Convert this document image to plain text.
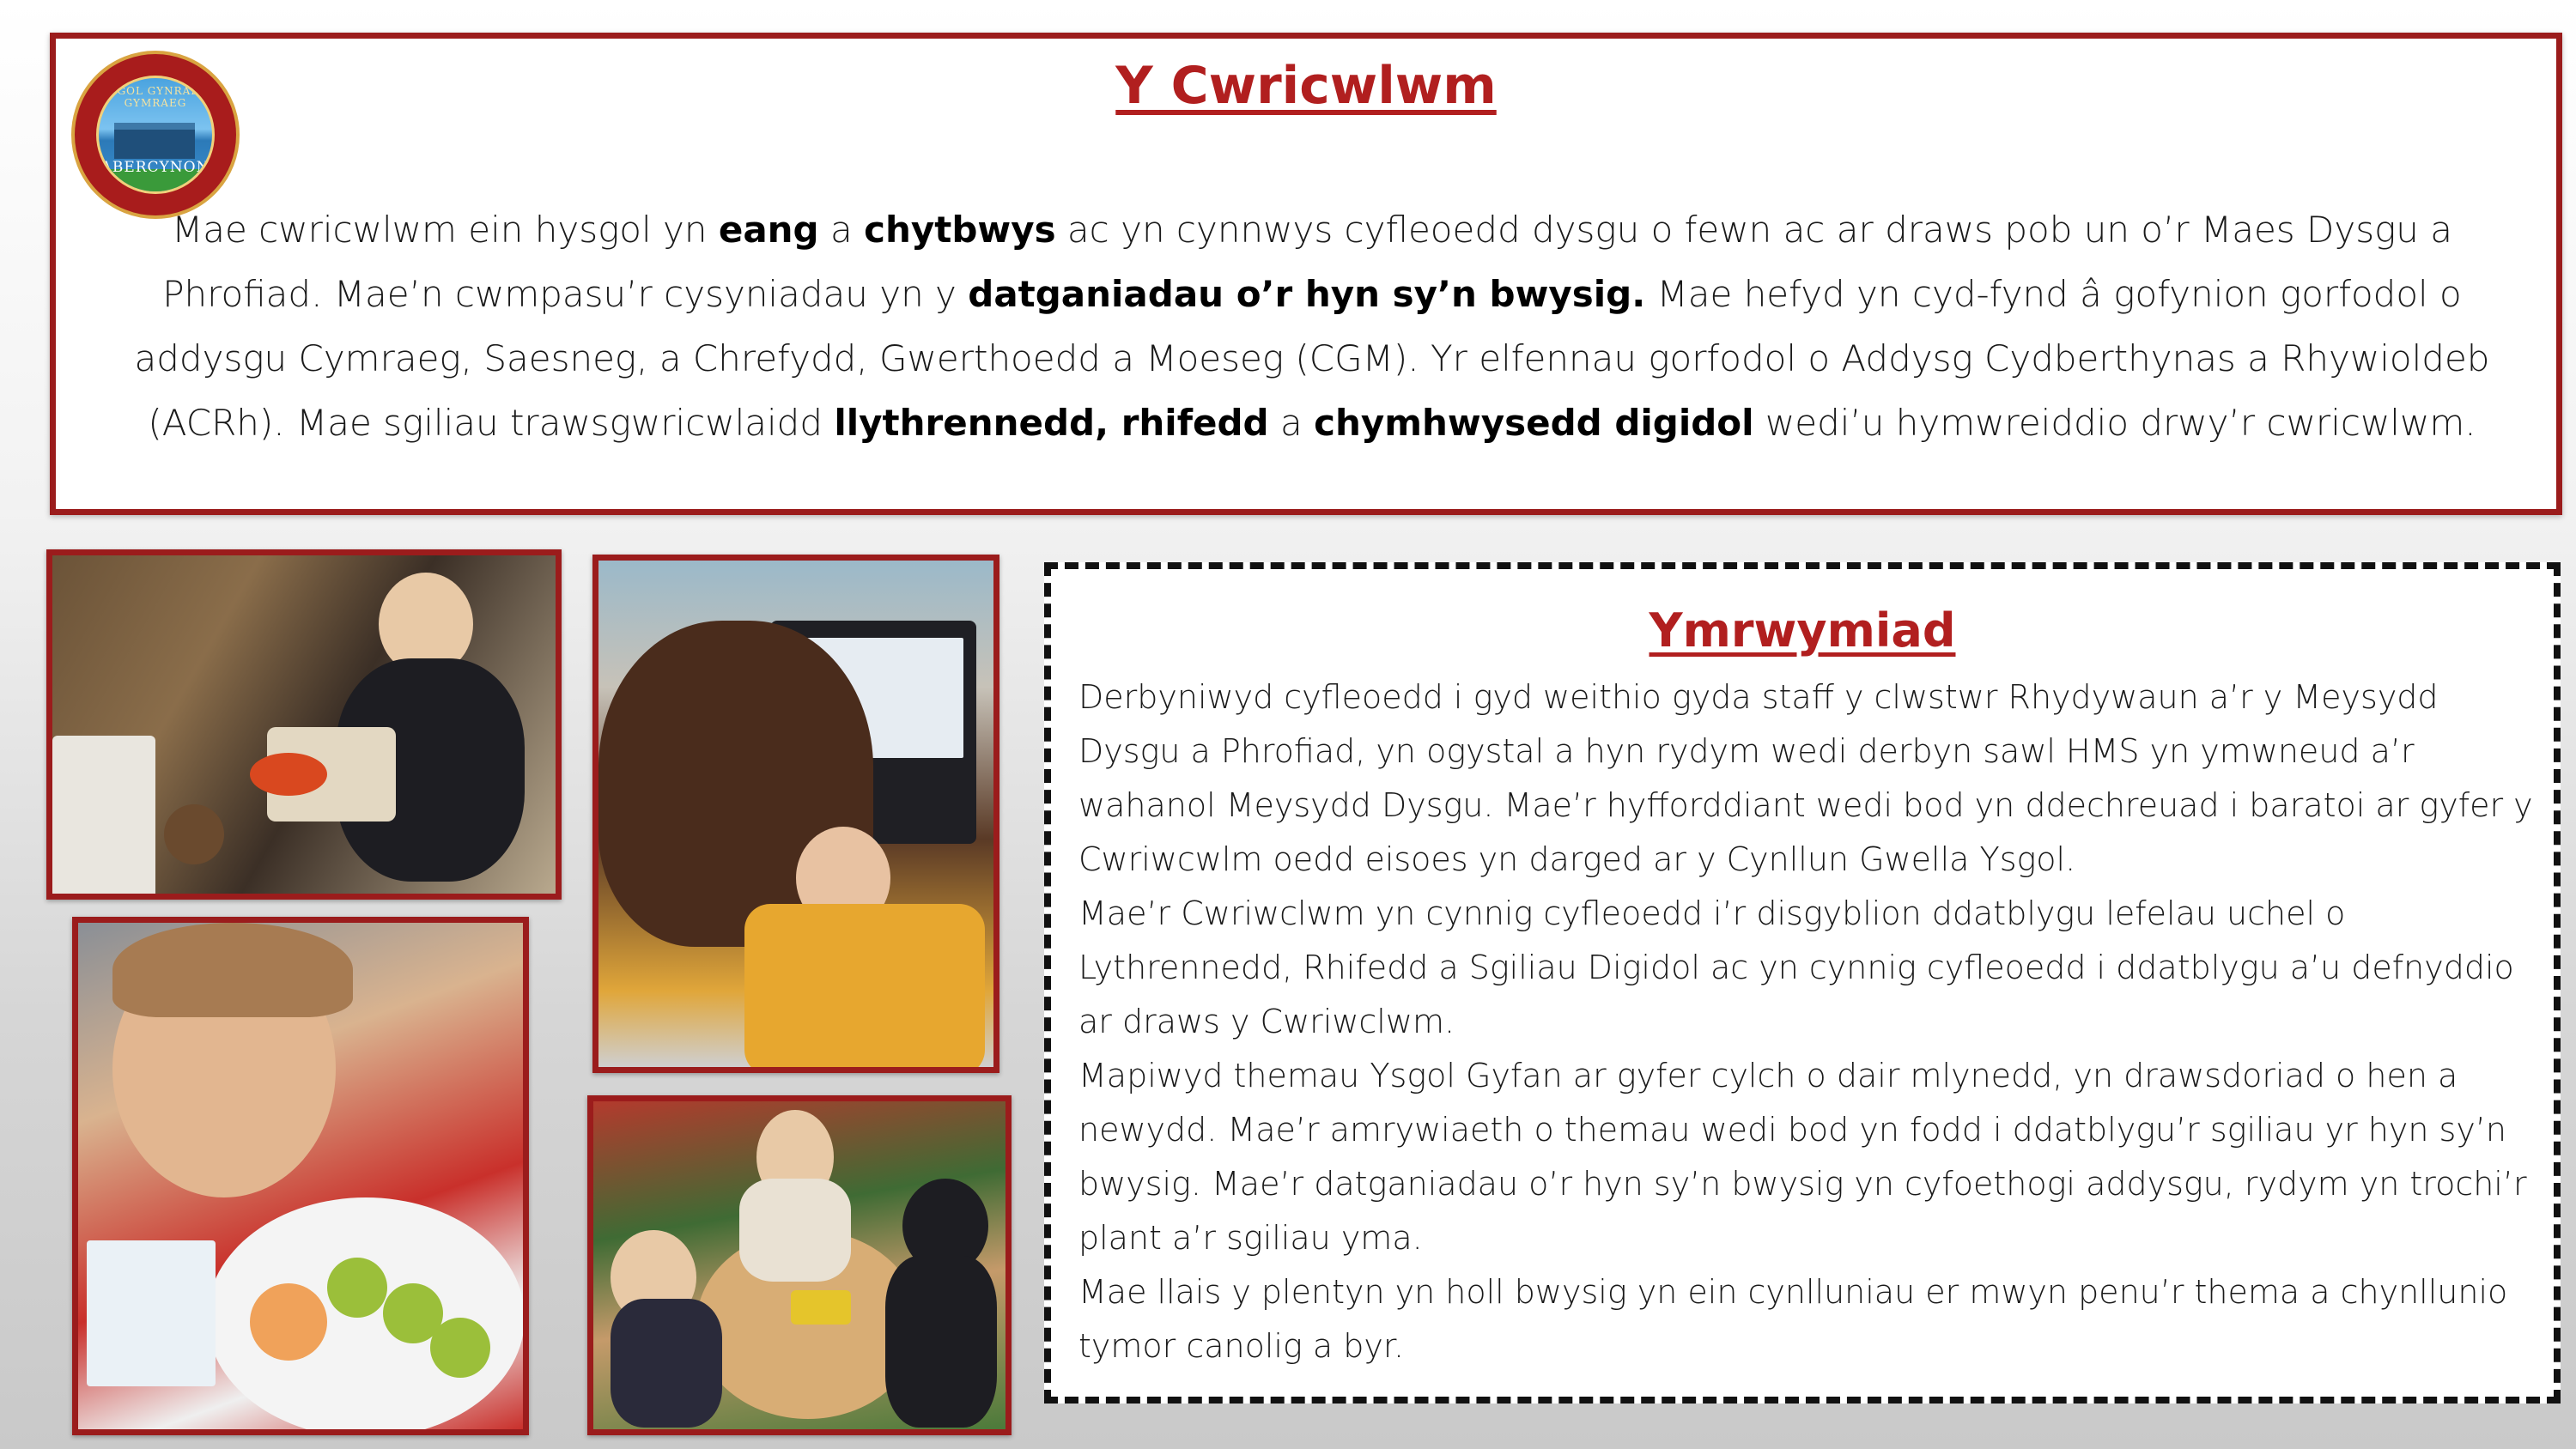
YSGOL GYNRADD GYMRAEG
ABERCYNON
Y Cwricwlwm

Mae cwricwlwm ein hysgol yn eang a chytbwys ac yn cynnwys cyfleoedd dysgu o fewn ac ar draws pob un o’r Maes Dysgu a Phrofiad. Mae’n cwmpasu’r cysyniadau yn y datganiadau o’r hyn sy’n bwysig. Mae hefyd yn cyd-fynd â gofynion gorfodol o addysgu Cymraeg, Saesneg, a Chrefydd, Gwerthoedd a Moeseg (CGM). Yr elfennau gorfodol o Addysg Cydberthynas a Rhywioldeb (ACRh). Mae sgiliau trawsgwricwlaidd llythrennedd, rhifedd a chymhwysedd digidol wedi’u hymwreiddio drwy’r cwricwlwm.

Ymrwymiad

Derbyniwyd cyfleoedd i gyd weithio gyda staff y clwstwr Rhydywaun a’r y Meysydd Dysgu a Phrofiad, yn ogystal a hyn rydym wedi derbyn sawl HMS yn ymwneud a’r wahanol Meysydd Dysgu. Mae’r hyfforddiant wedi bod yn ddechreuad i baratoi ar gyfer y Cwriwcwlm oedd eisoes yn darged ar y Cynllun Gwella Ysgol.

Mae’r Cwriwclwm yn cynnig cyfleoedd i’r disgyblion ddatblygu lefelau uchel o Lythrennedd, Rhifedd a Sgiliau Digidol ac yn cynnig cyfleoedd i ddatblygu a’u defnyddio ar draws y Cwriwclwm.

Mapiwyd themau Ysgol Gyfan ar gyfer cylch o dair mlynedd, yn drawsdoriad o hen a newydd. Mae’r amrywiaeth o themau wedi bod yn fodd i ddatblygu’r sgiliau yr hyn sy’n bwysig. Mae’r datganiadau o’r hyn sy’n bwysig yn cyfoethogi addysgu, rydym yn trochi’r plant a’r sgiliau yma.

Mae llais y plentyn yn holl bwysig yn ein cynlluniau er mwyn penu’r thema a chynllunio tymor canolig a byr.
